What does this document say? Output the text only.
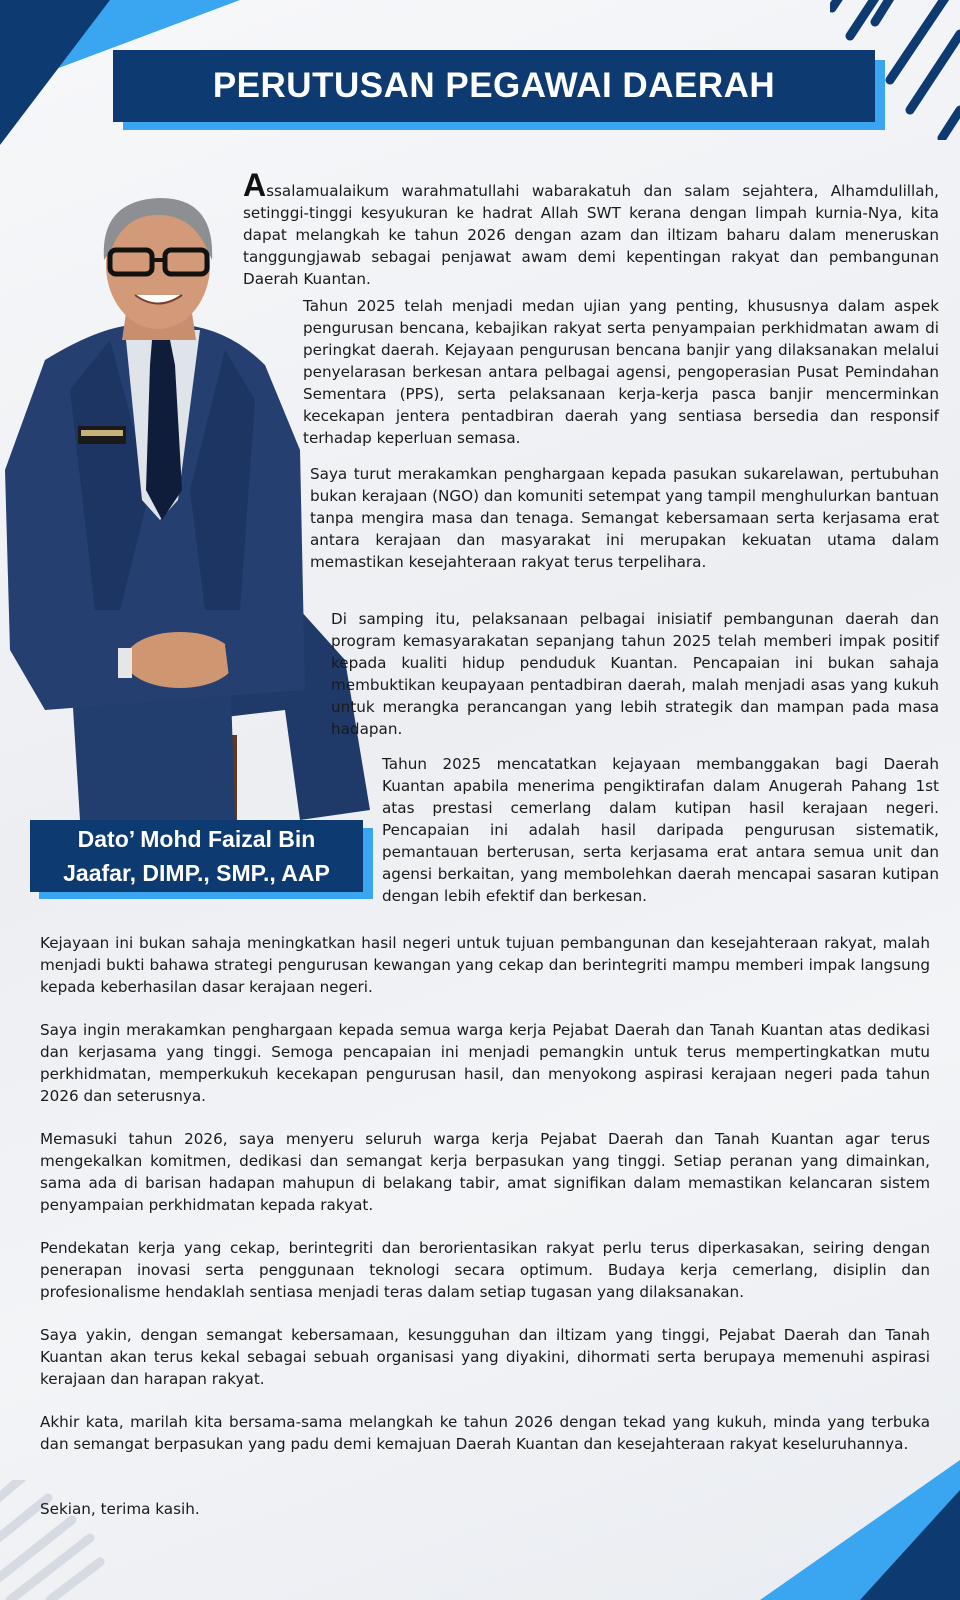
PERUTUSAN PEGAWAI DAERAH
Dato’ Mohd Faizal Bin
Jaafar, DIMP., SMP., AAP

Assalamualaikum warahmatullahi wabarakatuh dan salam sejahtera, Alhamdulillah, setinggi-tinggi kesyukuran ke hadrat Allah SWT kerana dengan limpah kurnia-Nya, kita dapat melangkah ke tahun 2026 dengan azam dan iltizam baharu dalam meneruskan tanggungjawab sebagai penjawat awam demi kepentingan rakyat dan pembangunan Daerah Kuantan.

Tahun 2025 telah menjadi medan ujian yang penting, khususnya dalam aspek pengurusan bencana, kebajikan rakyat serta penyampaian perkhidmatan awam di peringkat daerah. Kejayaan pengurusan bencana banjir yang dilaksanakan melalui penyelarasan berkesan antara pelbagai agensi, pengoperasian Pusat Pemindahan Sementara (PPS), serta pelaksanaan kerja-kerja pasca banjir mencerminkan kecekapan jentera pentadbiran daerah yang sentiasa bersedia dan responsif terhadap keperluan semasa.

Saya turut merakamkan penghargaan kepada pasukan sukarelawan, pertubuhan bukan kerajaan (NGO) dan komuniti setempat yang tampil menghulurkan bantuan tanpa mengira masa dan tenaga. Semangat kebersamaan serta kerjasama erat antara kerajaan dan masyarakat ini merupakan kekuatan utama dalam memastikan kesejahteraan rakyat terus terpelihara.

Di samping itu, pelaksanaan pelbagai inisiatif pembangunan daerah dan program kemasyarakatan sepanjang tahun 2025 telah memberi impak positif kepada kualiti hidup penduduk Kuantan. Pencapaian ini bukan sahaja membuktikan keupayaan pentadbiran daerah, malah menjadi asas yang kukuh untuk merangka perancangan yang lebih strategik dan mampan pada masa hadapan.

Tahun 2025 mencatatkan kejayaan membanggakan bagi Daerah Kuantan apabila menerima pengiktirafan dalam Anugerah Pahang 1st atas prestasi cemerlang dalam kutipan hasil kerajaan negeri. Pencapaian ini adalah hasil daripada pengurusan sistematik, pemantauan berterusan, serta kerjasama erat antara semua unit dan agensi berkaitan, yang membolehkan daerah mencapai sasaran kutipan dengan lebih efektif dan berkesan.

Kejayaan ini bukan sahaja meningkatkan hasil negeri untuk tujuan pembangunan dan kesejahteraan rakyat, malah menjadi bukti bahawa strategi pengurusan kewangan yang cekap dan berintegriti mampu memberi impak langsung kepada keberhasilan dasar kerajaan negeri.

Saya ingin merakamkan penghargaan kepada semua warga kerja Pejabat Daerah dan Tanah Kuantan atas dedikasi dan kerjasama yang tinggi. Semoga pencapaian ini menjadi pemangkin untuk terus mempertingkatkan mutu perkhidmatan, memperkukuh kecekapan pengurusan hasil, dan menyokong aspirasi kerajaan negeri pada tahun 2026 dan seterusnya.

Memasuki tahun 2026, saya menyeru seluruh warga kerja Pejabat Daerah dan Tanah Kuantan agar terus mengekalkan komitmen, dedikasi dan semangat kerja berpasukan yang tinggi. Setiap peranan yang dimainkan, sama ada di barisan hadapan mahupun di belakang tabir, amat signifikan dalam memastikan kelancaran sistem penyampaian perkhidmatan kepada rakyat.

Pendekatan kerja yang cekap, berintegriti dan berorientasikan rakyat perlu terus diperkasakan, seiring dengan penerapan inovasi serta penggunaan teknologi secara optimum. Budaya kerja cemerlang, disiplin dan profesionalisme hendaklah sentiasa menjadi teras dalam setiap tugasan yang dilaksanakan.

Saya yakin, dengan semangat kebersamaan, kesungguhan dan iltizam yang tinggi, Pejabat Daerah dan Tanah Kuantan akan terus kekal sebagai sebuah organisasi yang diyakini, dihormati serta berupaya memenuhi aspirasi kerajaan dan harapan rakyat.

Akhir kata, marilah kita bersama-sama melangkah ke tahun 2026 dengan tekad yang kukuh, minda yang terbuka dan semangat berpasukan yang padu demi kemajuan Daerah Kuantan dan kesejahteraan rakyat keseluruhannya.

Sekian, terima kasih.
